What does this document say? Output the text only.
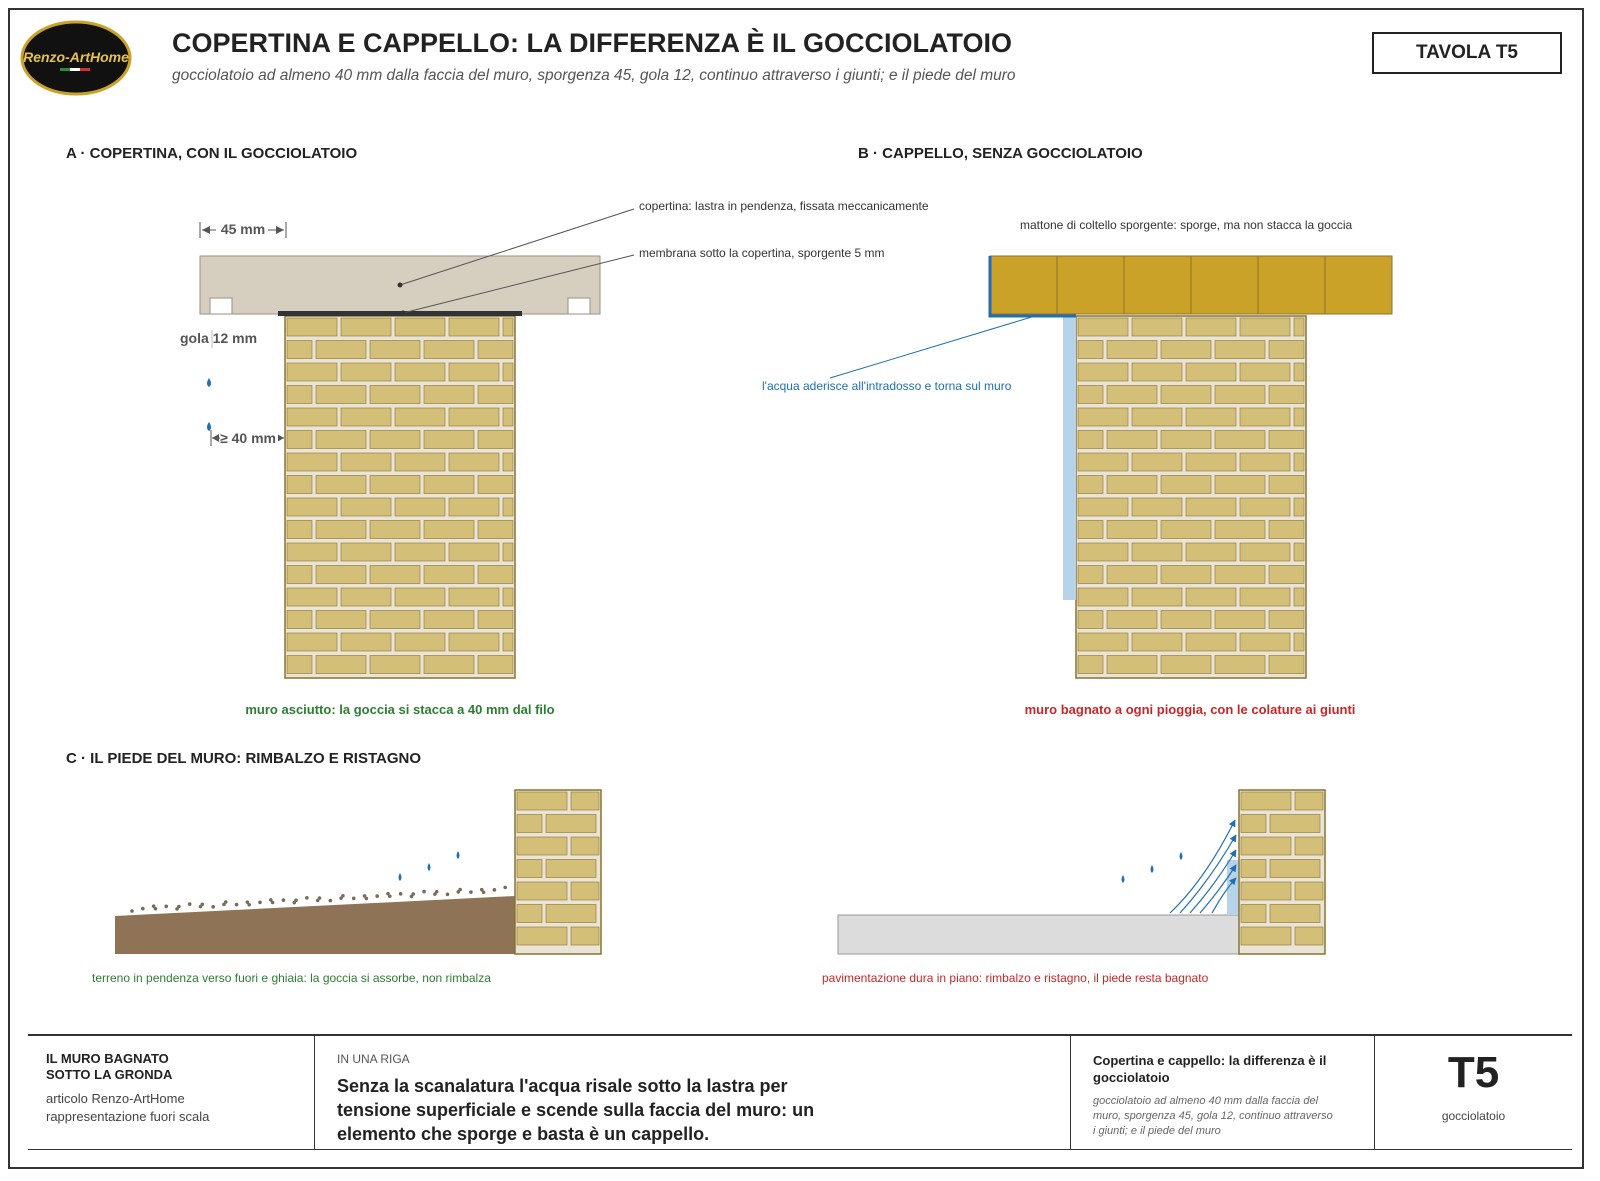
Renzo-ArtHome COPERTINA E CAPPELLO: LA DIFFERENZA È IL GOCCIOLATOIO
gocciolatoio ad almeno 40 mm dalla faccia del muro, sporgenza 45, gola 12, continuo attraverso i giunti; e il piede del muro
TAVOLA T5
A · COPERTINA, CON IL GOCCIOLATOIO
45 mm
gola 12 mm
≥ 40 mm
copertina: lastra in pendenza, fissata meccanicamente
membrana sotto la copertina, sporgente 5 mm
muro asciutto: la goccia si stacca a 40 mm dal filo
B · CAPPELLO, SENZA GOCCIOLATOIO
mattone di coltello sporgente: sporge, ma non stacca la goccia
l'acqua aderisce all'intradosso e torna sul muro
muro bagnato a ogni pioggia, con le colature ai giunti
C · IL PIEDE DEL MURO: RIMBALZO E RISTAGNO
terreno in pendenza verso fuori e ghiaia: la goccia si assorbe, non rimbalza	pavimentazione dura in piano: rimbalzo e ristagno, il piede resta bagnato
IL MURO BAGNATO
SOTTO LA GRONDA
articolo Renzo-ArtHome
rappresentazione fuori scala
IN UNA RIGA
Senza la scanalatura l'acqua risale sotto la lastra per tensione superficiale e scende sulla faccia del muro: un elemento che sporge e basta è un cappello.
Copertina e cappello: la differenza è il gocciolatoio
gocciolatoio ad almeno 40 mm dalla faccia del muro, sporgenza 45, gola 12, continuo attraverso i giunti; e il piede del muro
T5
gocciolatoio
